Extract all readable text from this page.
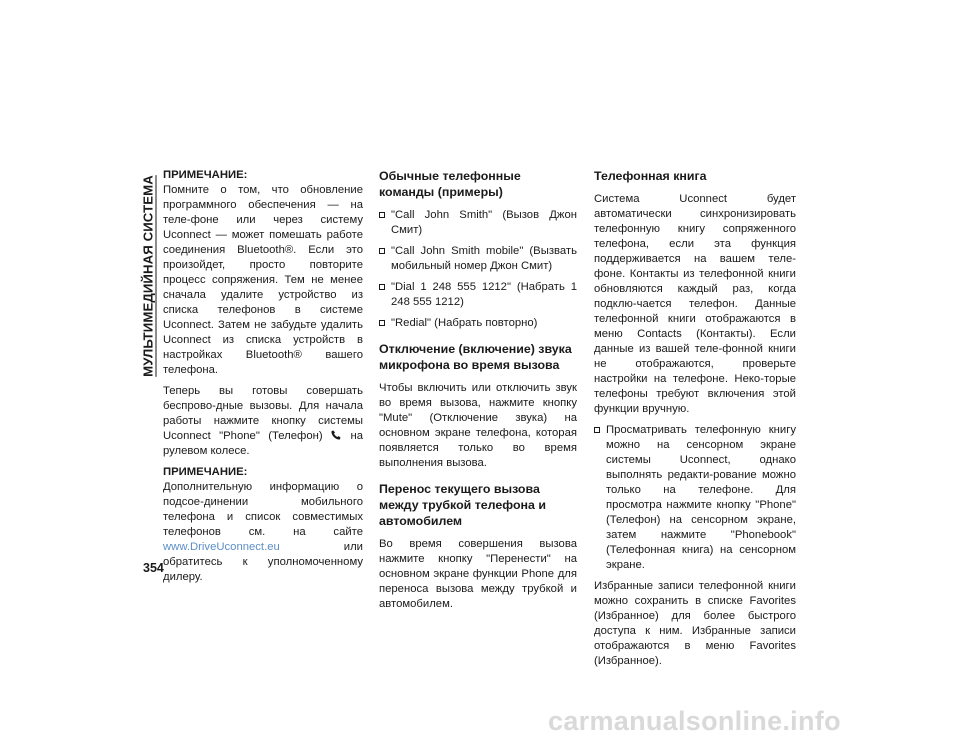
МУЛЬТИМЕДИЙНАЯ СИСТЕМА
ПРИМЕЧАНИЕ:

Помните о том, что обновление программного обеспечения — на теле-фоне или через систему Uconnect — может помешать работе соединения Bluetooth®. Если это произойдет, просто повторите процесс сопряжения. Тем не менее сначала удалите устройство из списка телефонов в системе Uconnect. Затем не забудьте удалить Uconnect из списка устройств в настройках Bluetooth® вашего телефона.

Теперь вы готовы совершать беспрово-дные вызовы. Для начала работы нажмите кнопку системы Uconnect "Phone" (Телефон)
на рулевом колесе.

ПРИМЕЧАНИЕ:

Дополнительную информацию о подсое-динении мобильного телефона и список совместимых телефонов см. на сайте www.DriveUconnect.eu или обратитесь к уполномоченному дилеру.

Обычные телефонные команды (примеры)
"Call John Smith" (Вызов Джон Смит)
"Call John Smith mobile" (Вызвать мобильный номер Джон Смит)
"Dial 1 248 555 1212" (Набрать 1 248 555 1212)
"Redial" (Набрать повторно)
Отключение (включение) звука микрофона во время вызова

Чтобы включить или отключить звук во время вызова, нажмите кнопку "Mute" (Отключение звука) на основном экране телефона, которая появляется только во время выполнения вызова.

Перенос текущего вызова между трубкой телефона и автомобилем

Во время совершения вызова нажмите кнопку "Перенести" на основном экране функции Phone для переноса вызова между трубкой и автомобилем.

Телефонная книга

Система Uconnect будет автоматически синхронизировать телефонную книгу сопряженного телефона, если эта функция поддерживается на вашем теле-фоне. Контакты из телефонной книги обновляются каждый раз, когда подклю-чается телефон. Данные телефонной книги отображаются в меню Contacts (Контакты). Если данные из вашей теле-фонной книги не отображаются, проверьте настройки на телефоне. Неко-торые телефоны требуют включения этой функции вручную.

Просматривать телефонную книгу можно на сенсорном экране системы Uconnect, однако выполнять редакти-рование можно только на телефоне. Для просмотра нажмите кнопку "Phone" (Телефон) на сенсорном экране, затем нажмите "Phonebook" (Телефонная книга) на сенсорном экране.

Избранные записи телефонной книги можно сохранить в списке Favorites (Избранное) для более быстрого доступа к ним. Избранные записи отображаются в меню Favorites (Избранное).

354
carmanualsonline.info
